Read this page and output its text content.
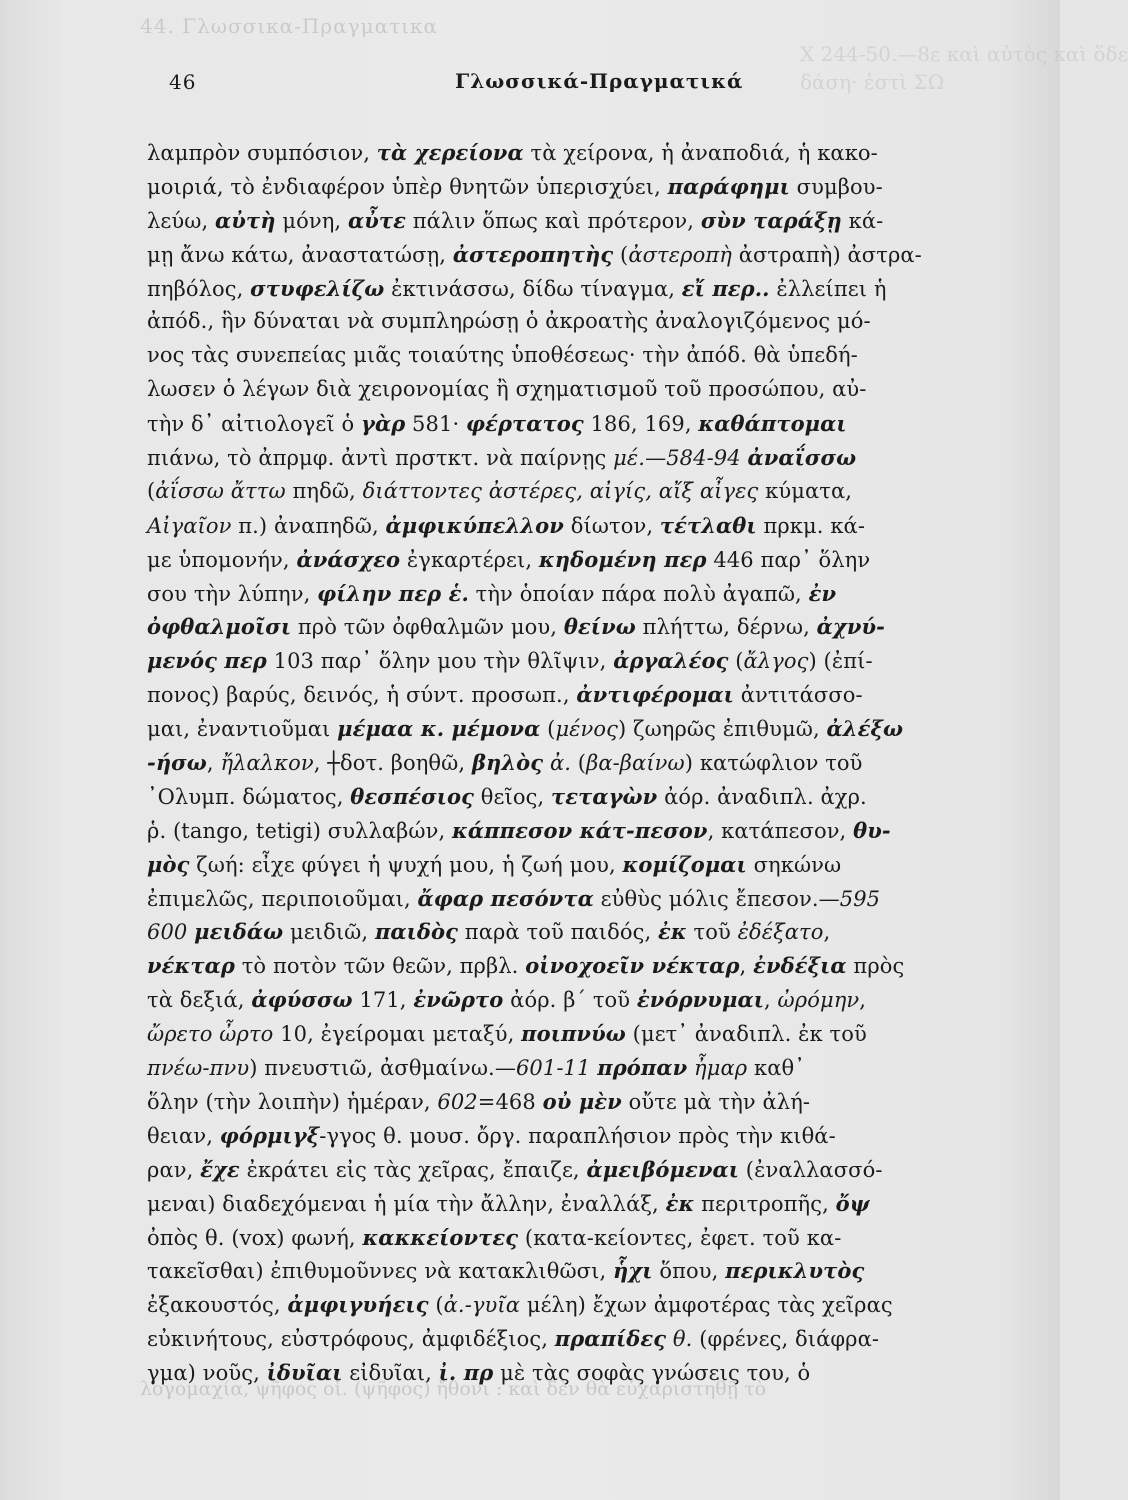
44. Γλωσσικα-Πραγματικα
Χ 244-50.—8ε καὶ αὐτὸς καὶ ὅδε
δάση· ἐστὶ ΣΩ
46	Γλωσσικά-Πραγματικά
λαμπρὸν συμπόσιον, τὰ χερείονα τὰ χείρονα, ἡ ἀναποδιά, ἡ κακο-
μοιριά, τὸ ἐνδιαφέρον ὑπὲρ θνητῶν ὑπερισχύει, παράφημι συμβου-
λεύω, αὐτὴ μόνη, αὖτε πάλιν ὅπως καὶ πρότερον, σὺν ταράξῃ κά-
μῃ ἄνω κάτω, ἀναστατώσῃ, ἀστεροπητὴς (ἀστεροπὴ ἀστραπὴ) ἀστρα-
πηβόλος, στυφελίζω ἐκτινάσσω, δίδω τίναγμα, εἴ περ.. ἐλλείπει ἡ
ἀπόδ., ἣν δύναται νὰ συμπληρώσῃ ὁ ἀκροατὴς ἀναλογιζόμενος μό-
νος τὰς συνεπείας μιᾶς τοιαύτης ὑποθέσεως· τὴν ἀπόδ. θὰ ὑπεδή-
λωσεν ὁ λέγων διὰ χειρονομίας ἢ σχηματισμοῦ τοῦ προσώπου, αὐ-
τὴν δ᾽ αἰτιολογεῖ ὁ γὰρ 581· φέρτατος 186, 169, καθάπτομαι
πιάνω, τὸ ἀπρμφ. ἀντὶ πρστκτ. νὰ παίρνῃς μέ.—584-94 ἀναΐσσω
(ἀΐσσω ἄττω πηδῶ, διάττοντες ἀστέρες, αἰγίς, αἴξ αἶγες κύματα,
Αἰγαῖον π.) ἀναπηδῶ, ἀμφικύπελλον δίωτον, τέτλαθι πρκμ. κά-
με ὑπομονήν, ἀνάσχεο ἐγκαρτέρει, κηδομένη περ 446 παρ᾽ ὅλην
σου τὴν λύπην, φίλην περ ἑ. τὴν ὁποίαν πάρα πολὺ ἀγαπῶ, ἐν
ὀφθαλμοῖσι πρὸ τῶν ὀφθαλμῶν μου, θείνω πλήττω, δέρνω, ἀχνύ-
μενός περ 103 παρ᾽ ὅλην μου τὴν θλῖψιν, ἀργαλέος (ἄλγος) (ἐπί-
πονος) βαρύς, δεινός, ἡ σύντ. προσωπ., ἀντιφέρομαι ἀντιτάσσο-
μαι, ἐναντιοῦμαι μέμαα κ. μέμονα (μένος) ζωηρῶς ἐπιθυμῶ, ἀλέξω
-ήσω, ἤλαλκον, ┼δοτ. βοηθῶ, βηλὸς ἀ. (βα-βαίνω) κατώφλιον τοῦ
᾽Ολυμπ. δώματος, θεσπέσιος θεῖος, τεταγὼν ἀόρ. ἀναδιπλ. ἀχρ.
ῥ. (tango, tetigi) συλλαβών, κάππεσον κάτ-πεσον, κατάπεσον, θυ-
μὸς ζωή: εἶχε φύγει ἡ ψυχή μου, ἡ ζωή μου, κομίζομαι σηκώνω
ἐπιμελῶς, περιποιοῦμαι, ἄφαρ πεσόντα εὐθὺς μόλις ἔπεσον.—595
600 μειδάω μειδιῶ, παιδὸς παρὰ τοῦ παιδός, ἐκ τοῦ ἐδέξατο,
νέκταρ τὸ ποτὸν τῶν θεῶν, πρβλ. οἰνοχοεῖν νέκταρ, ἐνδέξια πρὸς
τὰ δεξιά, ἀφύσσω 171, ἐνῶρτο ἀόρ. β´ τοῦ ἐνόρνυμαι, ὠρόμην,
ὤρετο ὦρτο 10, ἐγείρομαι μεταξύ, ποιπνύω (μετ᾽ ἀναδιπλ. ἐκ τοῦ
πνέω-πνυ) πνευστιῶ, ἀσθμαίνω.—601-11 πρόπαν ἦμαρ καθ᾽
ὅλην (τὴν λοιπὴν) ἡμέραν, 602=468 οὐ μὲν οὔτε μὰ τὴν ἀλή-
θειαν, φόρμιγξ-γγος θ. μουσ. ὄργ. παραπλήσιον πρὸς τὴν κιθά-
ραν, ἔχε ἐκράτει εἰς τὰς χεῖρας, ἔπαιζε, ἀμειβόμεναι (ἐναλλασσό-
μεναι) διαδεχόμεναι ἡ μία τὴν ἄλλην, ἐναλλάξ, ἐκ περιτροπῆς, ὄψ
ὀπὸς θ. (vox) φωνή, κακκείοντες (κατα-κείοντες, ἐφετ. τοῦ κα-
τακεῖσθαι) ἐπιθυμοῦννες νὰ κατακλιθῶσι, ἧχι ὅπου, περικλυτὸς
ἐξακουστός, ἀμφιγυήεις (ἀ.-γυῖα μέλη) ἔχων ἀμφοτέρας τὰς χεῖρας
εὐκινήτους, εὐστρόφους, ἀμφιδέξιος, πραπίδες θ. (φρένες, διάφρα-
γμα) νοῦς, ἰδυῖαι εἰδυῖαι, ἰ. πρ μὲ τὰς σοφὰς γνώσεις του, ὁ
λογομαχία, ψῆφος οἱ. (ψῆφος) ἤθονι : καὶ δὲν θὰ εὐχαριστηθῇ τὸ
